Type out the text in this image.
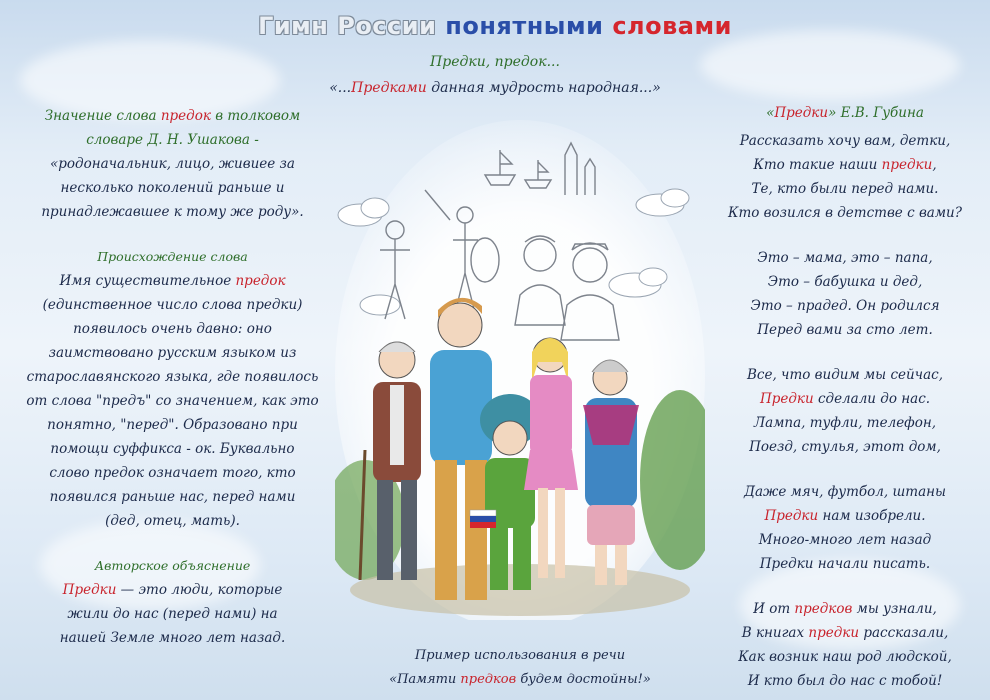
Гимн России понятными словами
Предки, предок...
«...Предками данная мудрость народная...»
Значение слова предок в толковом
словаре Д. Н. Ушакова -
«родоначальник, лицо, живиее за
несколько поколений раньше и
принадлежавшее к тому же роду».
Происхождение слова
Имя существительное предок
(единственное число слова предки)
появилось очень давно: оно
заимствовано русским языком из
старославянского языка, где появилось
от слова "предъ" со значением, как это
понятно, "перед". Образовано при
помощи суффикса - ок. Буквально
слово предок означает того, кто
появился раньше нас, перед нами
(дед, отец, мать).
Авторское объяснение
Предки — это люди, которые
жили до нас (перед нами) на
нашей Земле много лет назад.
«Предки» Е.В. Губина
Рассказать хочу вам, детки,
Кто такие наши предки,
Те, кто были перед нами.
Кто возился в детстве с вами?
Это – мама, это – папа,
Это – бабушка и дед,
Это – прадед. Он родился
Перед вами за сто лет.
Все, что видим мы сейчас,
Предки сделали до нас.
Лампа, туфли, телефон,
Поезд, стулья, этот дом,
Даже мяч, футбол, штаны
Предки нам изобрели.
Много-много лет назад
Предки начали писать.
И от предков мы узнали,
В книгах предки рассказали,
Как возник наш род людской,
И кто был до нас с тобой!
Пример использования в речи
«Памяти предков будем достойны!»
